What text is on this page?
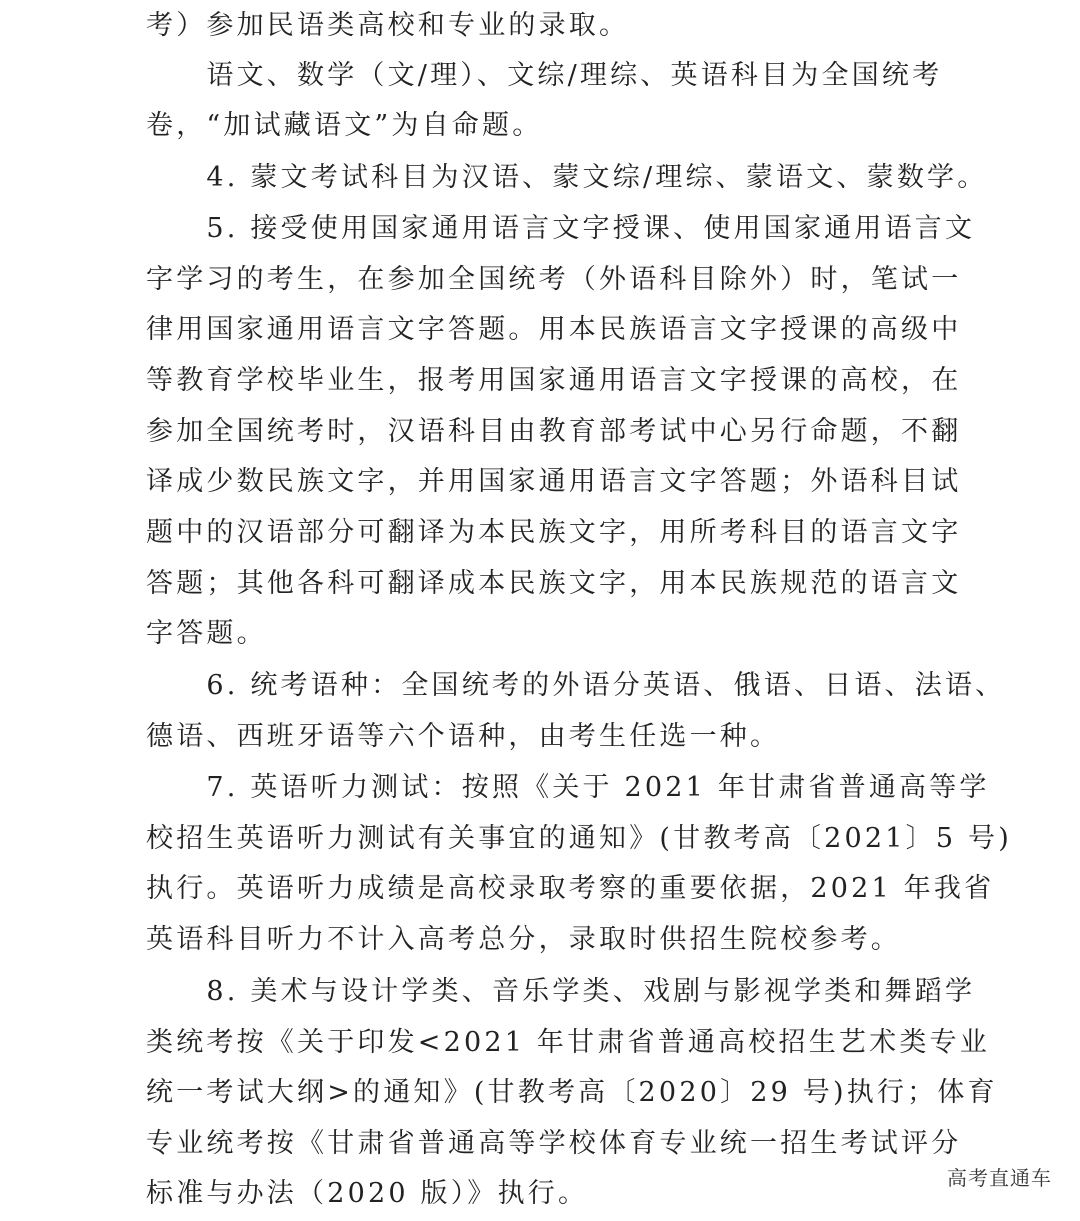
考）参加民语类高校和专业的录取。
　　语文、数学（文/理）、文综/理综、英语科目为全国统考
卷，“加试藏语文”为自命题。
　　4. 蒙文考试科目为汉语、蒙文综/理综、蒙语文、蒙数学。
　　5. 接受使用国家通用语言文字授课、使用国家通用语言文
字学习的考生，在参加全国统考（外语科目除外）时，笔试一
律用国家通用语言文字答题。用本民族语言文字授课的高级中
等教育学校毕业生，报考用国家通用语言文字授课的高校，在
参加全国统考时，汉语科目由教育部考试中心另行命题，不翻
译成少数民族文字，并用国家通用语言文字答题；外语科目试
题中的汉语部分可翻译为本民族文字，用所考科目的语言文字
答题；其他各科可翻译成本民族文字，用本民族规范的语言文
字答题。
　　6. 统考语种：全国统考的外语分英语、俄语、日语、法语、
德语、西班牙语等六个语种，由考生任选一种。
　　7. 英语听力测试：按照《关于 2021 年甘肃省普通高等学
校招生英语听力测试有关事宜的通知》(甘教考高〔2021〕5 号)
执行。英语听力成绩是高校录取考察的重要依据，2021 年我省
英语科目听力不计入高考总分，录取时供招生院校参考。
　　8. 美术与设计学类、音乐学类、戏剧与影视学类和舞蹈学
类统考按《关于印发<2021 年甘肃省普通高校招生艺术类专业
统一考试大纲>的通知》(甘教考高〔2020〕29 号)执行；体育
专业统考按《甘肃省普通高等学校体育专业统一招生考试评分
标准与办法（2020 版）》执行。	高考直通车
